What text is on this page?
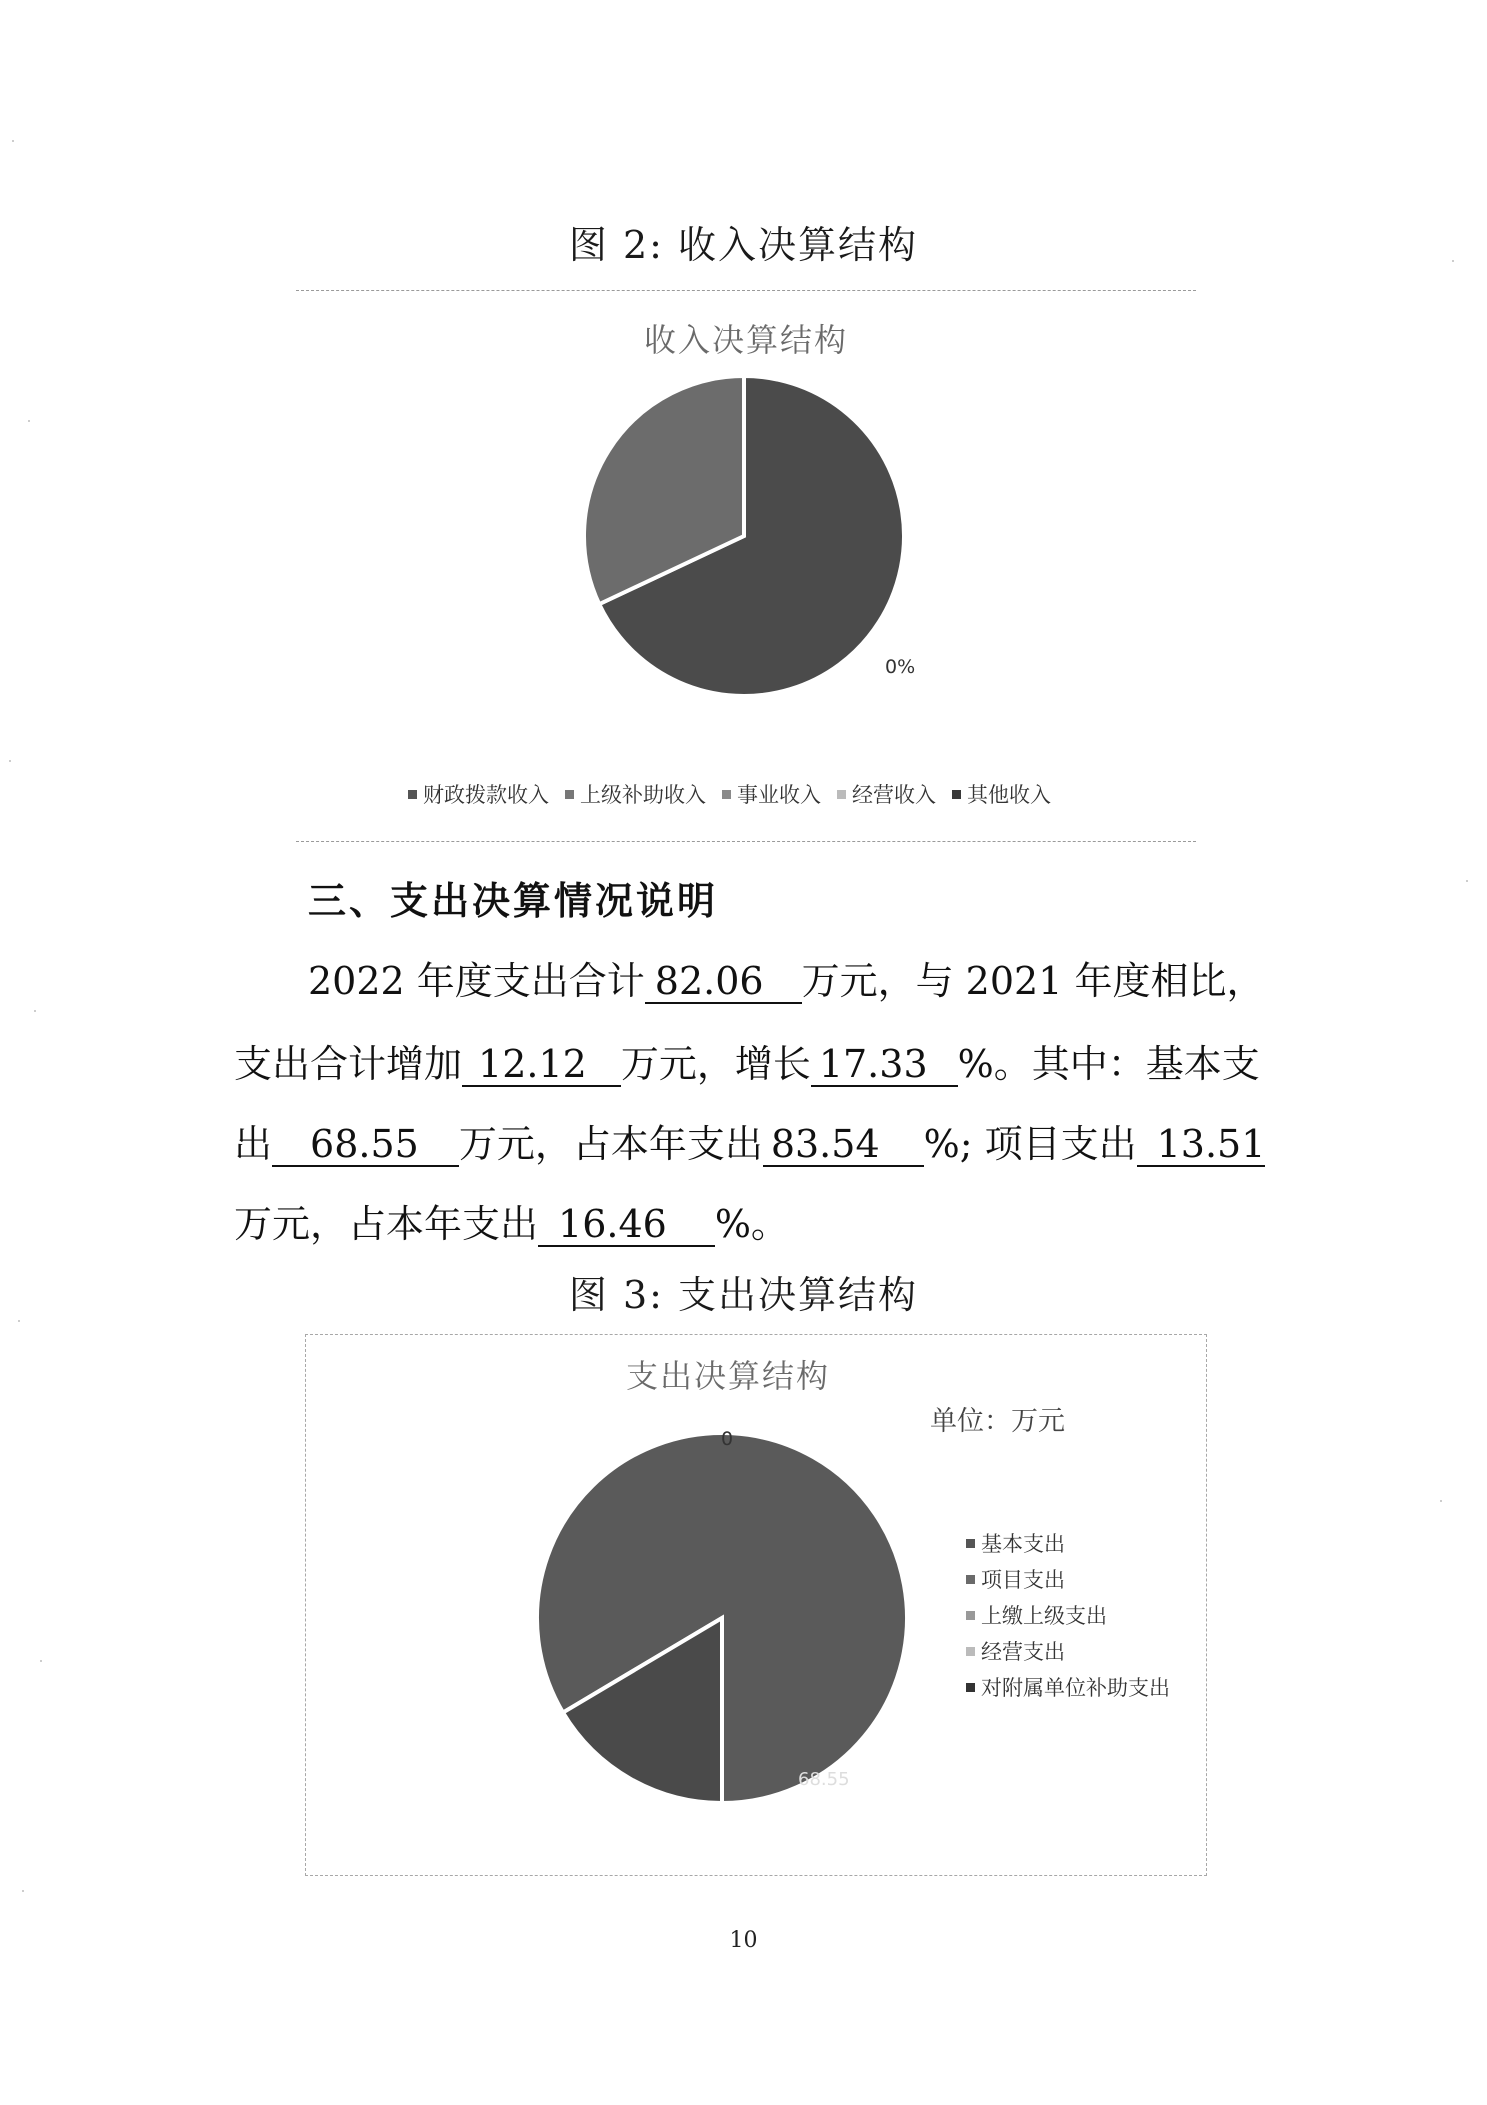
图 2: 收入决算结构
收入决算结构
0%
财政拨款收入 上级补助收入 事业收入 经营收入 其他收入
三、支出决算情况说明
2022 年度支出合计 82.06 万元，与 2021 年度相比，
支出合计增加 12.12 万元，增长 17.33 %。其中：基本支
出 68.55 万元，占本年支出 83.54 %; 项目支出 13.51
万元，占本年支出 16.46 %。
图 3: 支出决算结构
支出决算结构
单位：万元
0
68.55
基本支出
项目支出
上缴上级支出
经营支出
对附属单位补助支出
10
